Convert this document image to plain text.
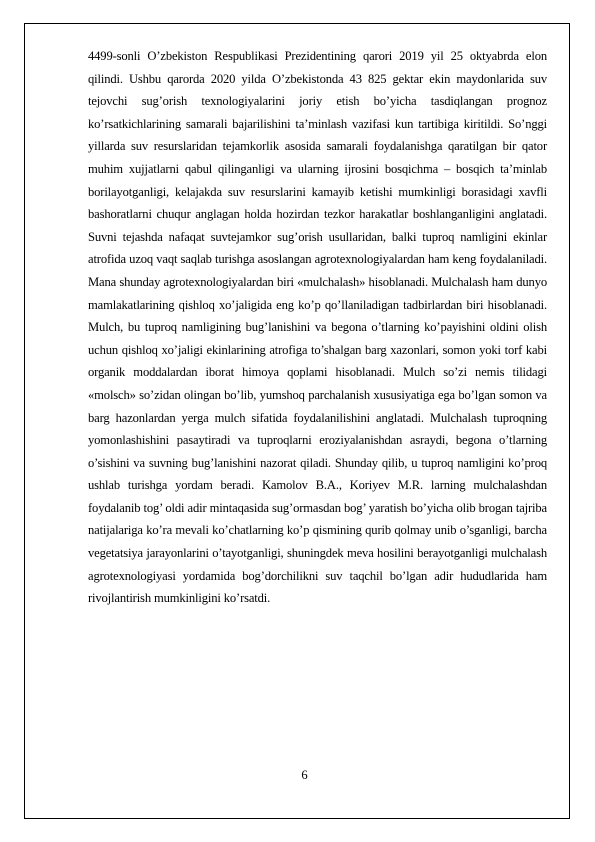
4499-sonli O’zbekiston Respublikasi Prezidentining qarori 2019 yil 25 oktyabrda elon qilindi. Ushbu qarorda 2020 yilda O’zbekistonda 43 825 gektar ekin maydonlarida suv tejovchi sug’orish texnologiyalarini joriy etish bo’yicha tasdiqlangan prognoz ko’rsatkichlarining samarali bajarilishini ta’minlash vazifasi kun tartibiga kiritildi. So’nggi yillarda suv resurslaridan tejamkorlik asosida samarali foydalanishga qaratilgan bir qator muhim xujjatlarni qabul qilinganligi va ularning ijrosini bosqichma – bosqich ta’minlab borilayotganligi, kelajakda suv resurslarini kamayib ketishi mumkinligi borasidagi xavfli bashoratlarni chuqur anglagan holda hozirdan tezkor harakatlar boshlanganligini anglatadi. Suvni tejashda nafaqat suvtejamkor sug’orish usullaridan, balki tuproq namligini ekinlar atrofida uzoq vaqt saqlab turishga asoslangan agrotexnologiyalardan ham keng foydalaniladi. Mana shunday agrotexnologiyalardan biri «mulchalash» hisoblanadi. Mulchalash ham dunyo mamlakatlarining qishloq xo’jaligida eng ko’p qo’llaniladigan tadbirlardan biri hisoblanadi. Mulch, bu tuproq namligining bug’lanishini va begona o’tlarning ko’payishini oldini olish uchun qishloq xo’jaligi ekinlarining atrofiga to’shalgan barg xazonlari, somon yoki torf kabi organik moddalardan iborat himoya qoplami hisoblanadi. Mulch so’zi nemis tilidagi «molsch» so’zidan olingan bo’lib, yumshoq parchalanish xususiyatiga ega bo’lgan somon va barg hazonlardan yerga mulch sifatida foydalanilishini anglatadi. Mulchalash tuproqning yomonlashishini pasaytiradi va tuproqlarni eroziyalanishdan asraydi, begona o’tlarning o’sishini va suvning bug’lanishini nazorat qiladi. Shunday qilib, u tuproq namligini ko’proq ushlab turishga yordam beradi. Kamolov B.A., Koriyev M.R. larning mulchalashdan foydalanib tog’ oldi adir mintaqasida sug’ormasdan bog’ yaratish bo’yicha olib brogan tajriba natijalariga ko’ra mevali ko’chatlarning ko’p qismining qurib qolmay unib o’sganligi, barcha vegetatsiya jarayonlarini o’tayotganligi, shuningdek meva hosilini berayotganligi mulchalash agrotexnologiyasi yordamida bog’dorchilikni suv taqchil bo’lgan adir hududlarida ham rivojlantirish mumkinligini ko’rsatdi.

6
